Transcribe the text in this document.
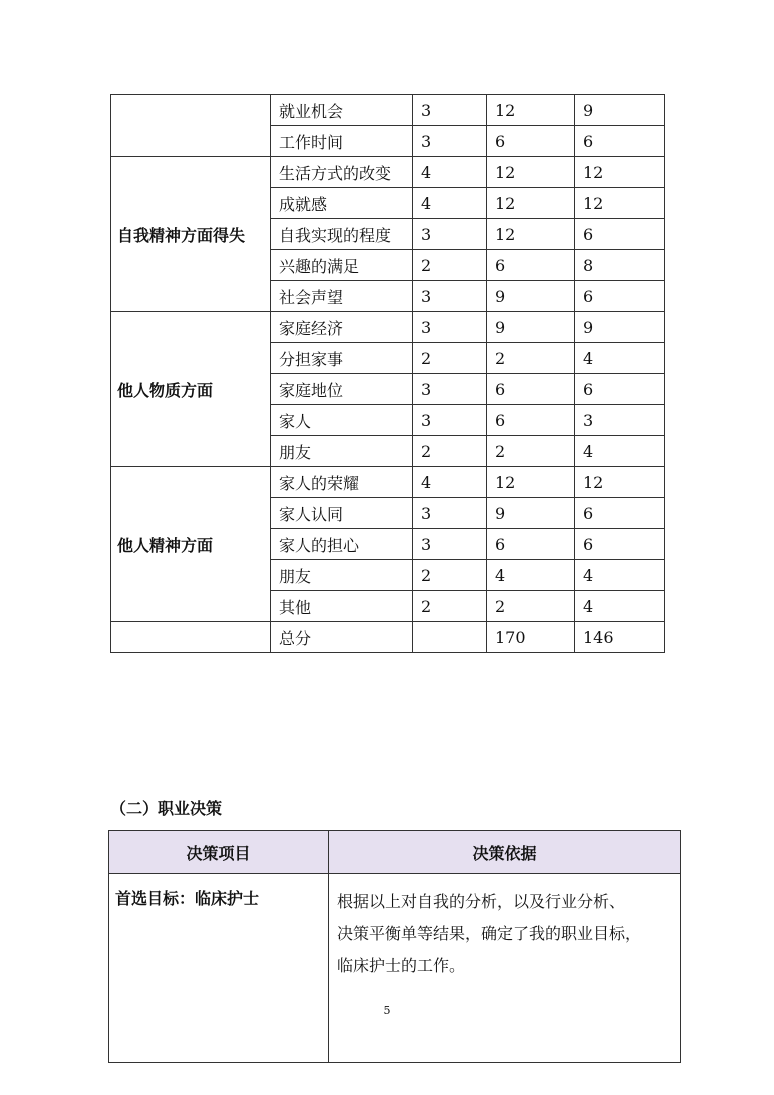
	就业机会	3	12	9
	工作时间	3	6	6
自我精神方面得失	生活方式的改变	4	12	12
	成就感	4	12	12
	自我实现的程度	3	12	6
	兴趣的满足	2	6	8
	社会声望	3	9	6
他人物质方面	家庭经济	3	9	9
	分担家事	2	2	4
	家庭地位	3	6	6
	家人	3	6	3
	朋友	2	2	4
他人精神方面	家人的荣耀	4	12	12
	家人认同	3	9	6
	家人的担心	3	6	6
	朋友	2	4	4
	其他	2	2	4
	总分		170	146
（二）职业决策
决策项目	决策依据
首选目标：临床护士	根据以上对自我的分析，以及行业分析、
决策平衡单等结果，确定了我的职业目标，
临床护士的工作。
5
